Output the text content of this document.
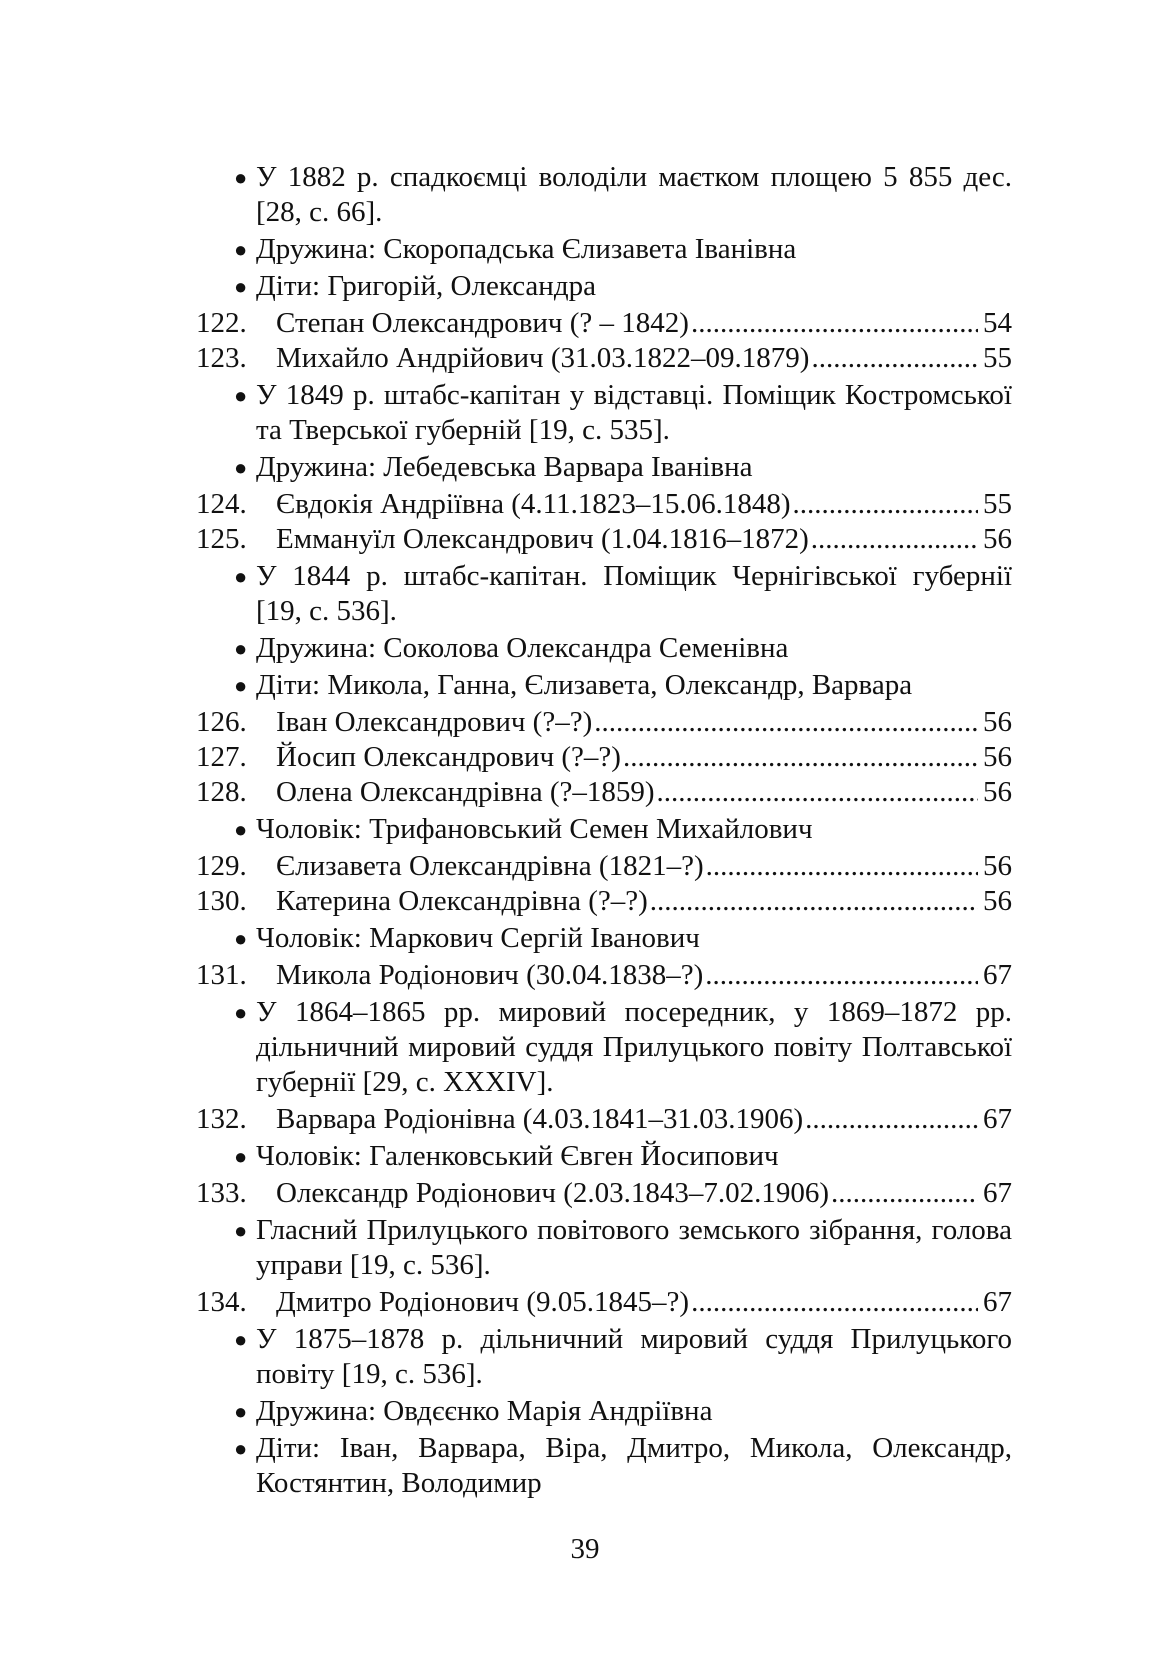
● У 1882 р. спадкоємці володіли маєтком площею 5 855 дес. [28, с. 66].
● Дружина: Скоропадська Єлизавета Іванівна
● Діти: Григорій, Олександра
122.	Степан Олександрович (? – 1842) .....	54
123.	Михайло Андрійович (31.03.1822–09.1879) .....	55
● У 1849 р. штабс-капітан у відставці. Поміщик Костромської та Тверської губерній [19, с. 535].
● Дружина: Лебедевська Варвара Іванівна
124.	Євдокія Андріївна (4.11.1823–15.06.1848) .....	55
125.	Еммануїл Олександрович (1.04.1816–1872) .....	56
● У 1844 р. штабс-капітан. Поміщик Чернігівської губернії [19, с. 536].
● Дружина: Соколова Олександра Семенівна
● Діти: Микола, Ганна, Єлизавета, Олександр, Варвара
126.	Іван Олександрович (?–?) .....	56
127.	Йосип Олександрович (?–?) .....	56
128.	Олена Олександрівна (?–1859) .....	56
● Чоловік: Трифановський Семен Михайлович
129.	Єлизавета Олександрівна (1821–?) .....	56
130.	Катерина Олександрівна (?–?) .....	56
● Чоловік: Маркович Сергій Іванович
131.	Микола Родіонович (30.04.1838–?) .....	67
● У 1864–1865 рр. мировий посередник, у 1869–1872 рр. дільничний мировий суддя Прилуцького повіту Полтавської губернії [29, с. XXXIV].
132.	Варвара Родіонівна (4.03.1841–31.03.1906) .....	67
● Чоловік: Галенковський Євген Йосипович
133.	Олександр Родіонович (2.03.1843–7.02.1906) .....	67
● Гласний Прилуцького повітового земського зібрання, голова управи [19, с. 536].
134.	Дмитро Родіонович (9.05.1845–?) .....	67
● У 1875–1878 р. дільничний мировий суддя Прилуцького повіту [19, с. 536].
● Дружина: Овдєєнко Марія Андріївна
● Діти: Іван, Варвара, Віра, Дмитро, Микола, Олександр, Костянтин, Володимир
39
